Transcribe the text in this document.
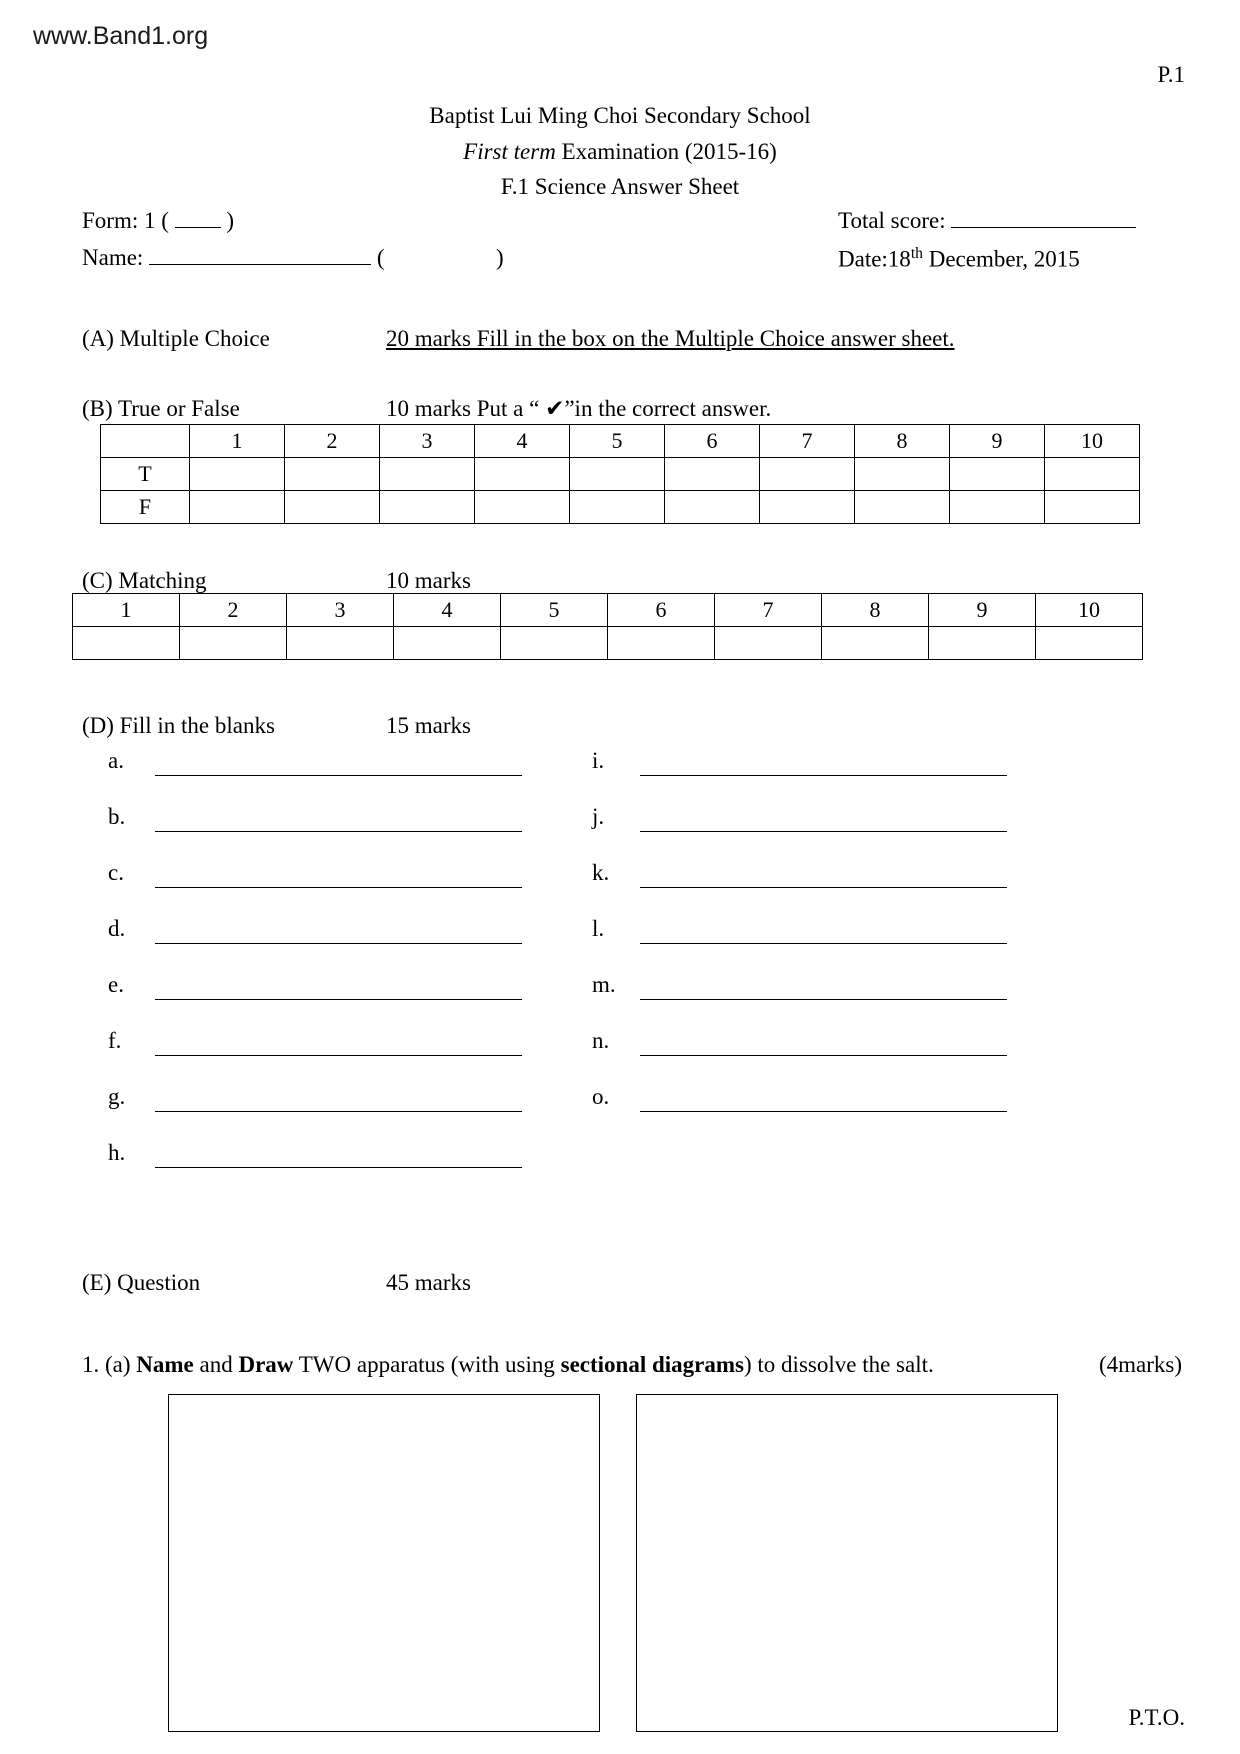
www.Band1.org
P.1
Baptist Lui Ming Choi Secondary School
First term Examination (2015-16)
F.1 Science Answer Sheet
Form: 1 (	)	Total score:
Name:	(	)	Date:18th December, 2015
(A) Multiple Choice	20 marks Fill in the box on the Multiple Choice answer sheet.
(B) True or False	10 marks Put a “ ✔”in the correct answer.
	1	2	3	4	5	6	7	8	9	10
T										
F										
(C) Matching	10 marks
1	2	3	4	5	6	7	8	9	10

(D) Fill in the blanks	15 marks
a.	i.
b.	j.
c.	k.
d.	l.
e.	m.
f.	n.
g.	o.
h.
(E) Question	45 marks
1. (a) Name and Draw TWO apparatus (with using sectional diagrams) to dissolve the salt.	(4marks)
P.T.O.
